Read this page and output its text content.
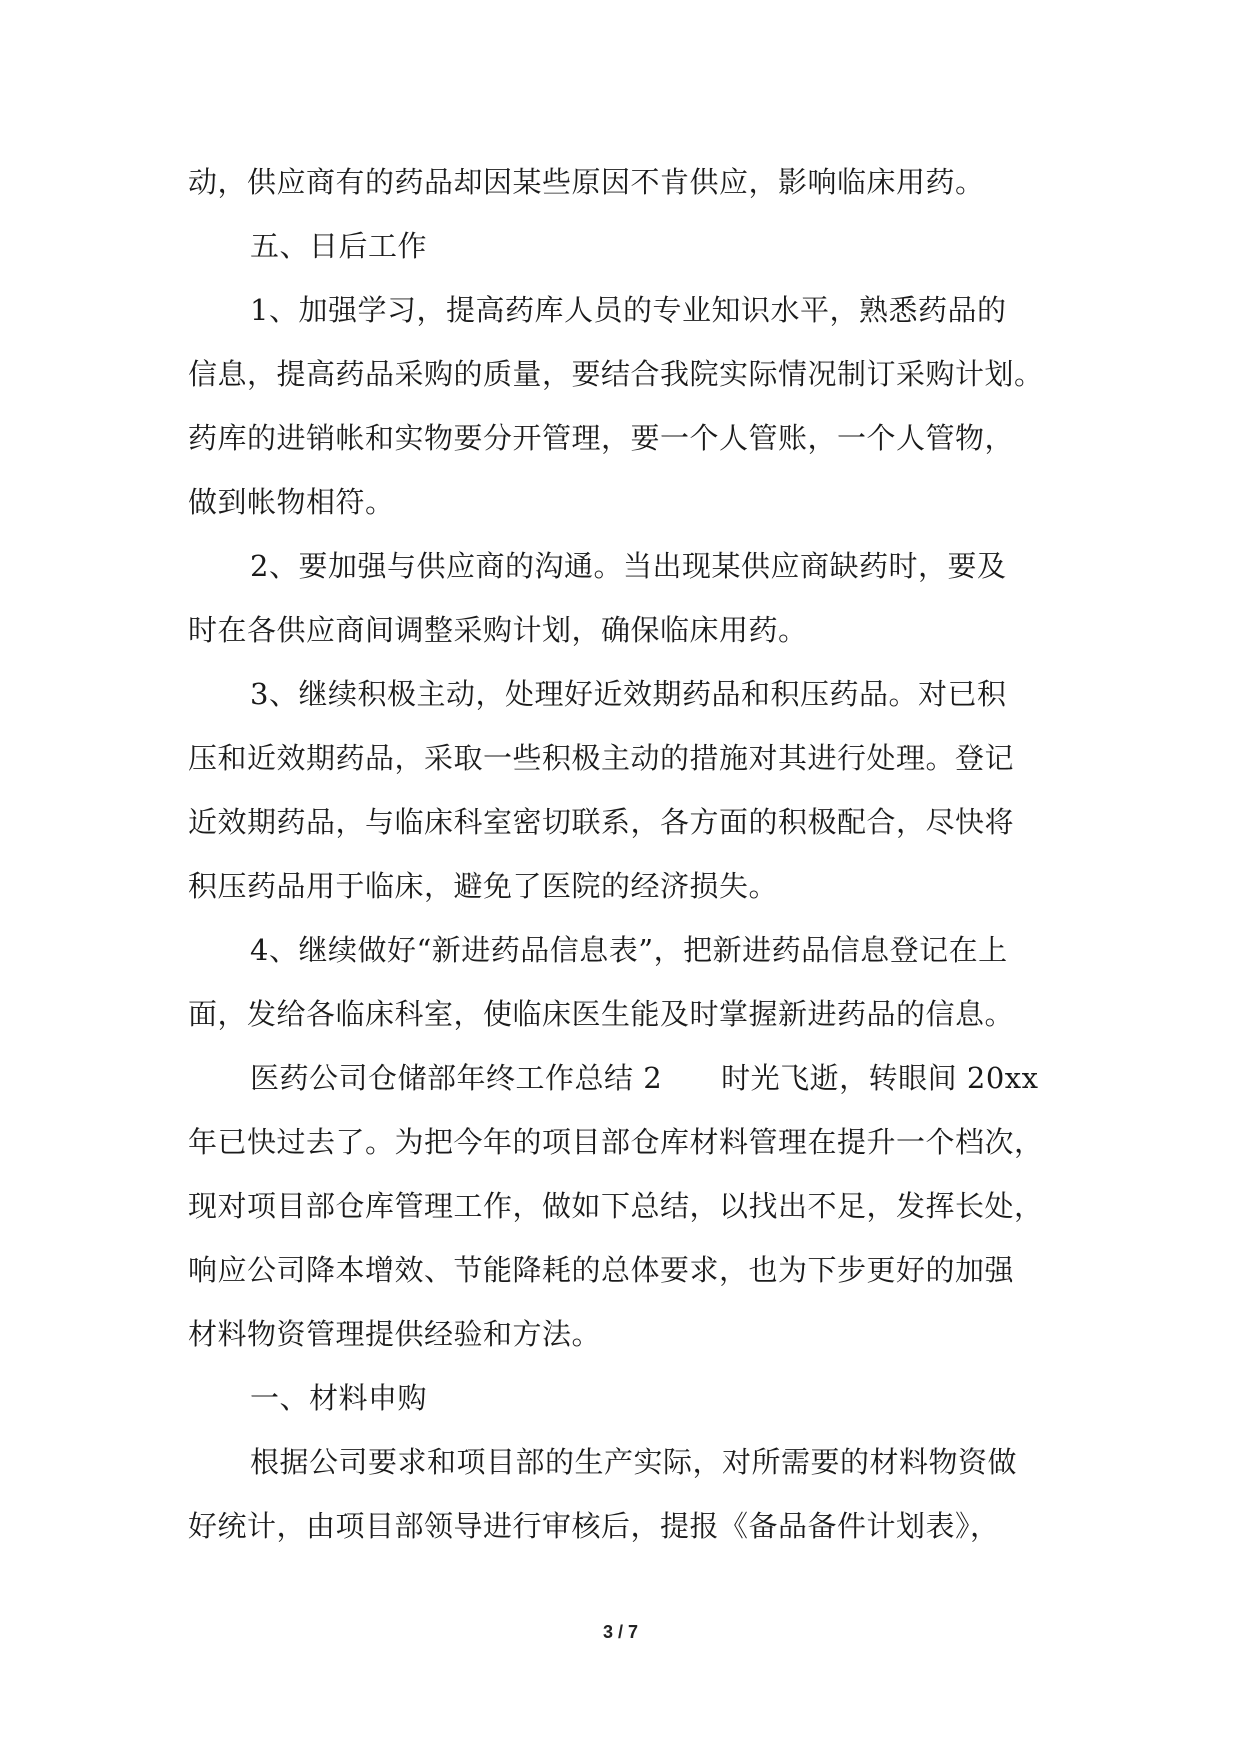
动，供应商有的药品却因某些原因不肯供应，影响临床用药。
五、日后工作
1、加强学习，提高药库人员的专业知识水平，熟悉药品的
信息，提高药品采购的质量，要结合我院实际情况制订采购计划。
药库的进销帐和实物要分开管理，要一个人管账，一个人管物，
做到帐物相符。
2、要加强与供应商的沟通。当出现某供应商缺药时，要及
时在各供应商间调整采购计划，确保临床用药。
3、继续积极主动，处理好近效期药品和积压药品。对已积
压和近效期药品，采取一些积极主动的措施对其进行处理。登记
近效期药品，与临床科室密切联系，各方面的积极配合，尽快将
积压药品用于临床，避免了医院的经济损失。
4、继续做好“新进药品信息表”，把新进药品信息登记在上
面，发给各临床科室，使临床医生能及时掌握新进药品的信息。
医药公司仓储部年终工作总结 2　　时光飞逝，转眼间 20xx
年已快过去了。为把今年的项目部仓库材料管理在提升一个档次，
现对项目部仓库管理工作，做如下总结，以找出不足，发挥长处，
响应公司降本增效、节能降耗的总体要求，也为下步更好的加强
材料物资管理提供经验和方法。
一、材料申购
根据公司要求和项目部的生产实际，对所需要的材料物资做
好统计，由项目部领导进行审核后，提报《备品备件计划表》，
3 / 7
